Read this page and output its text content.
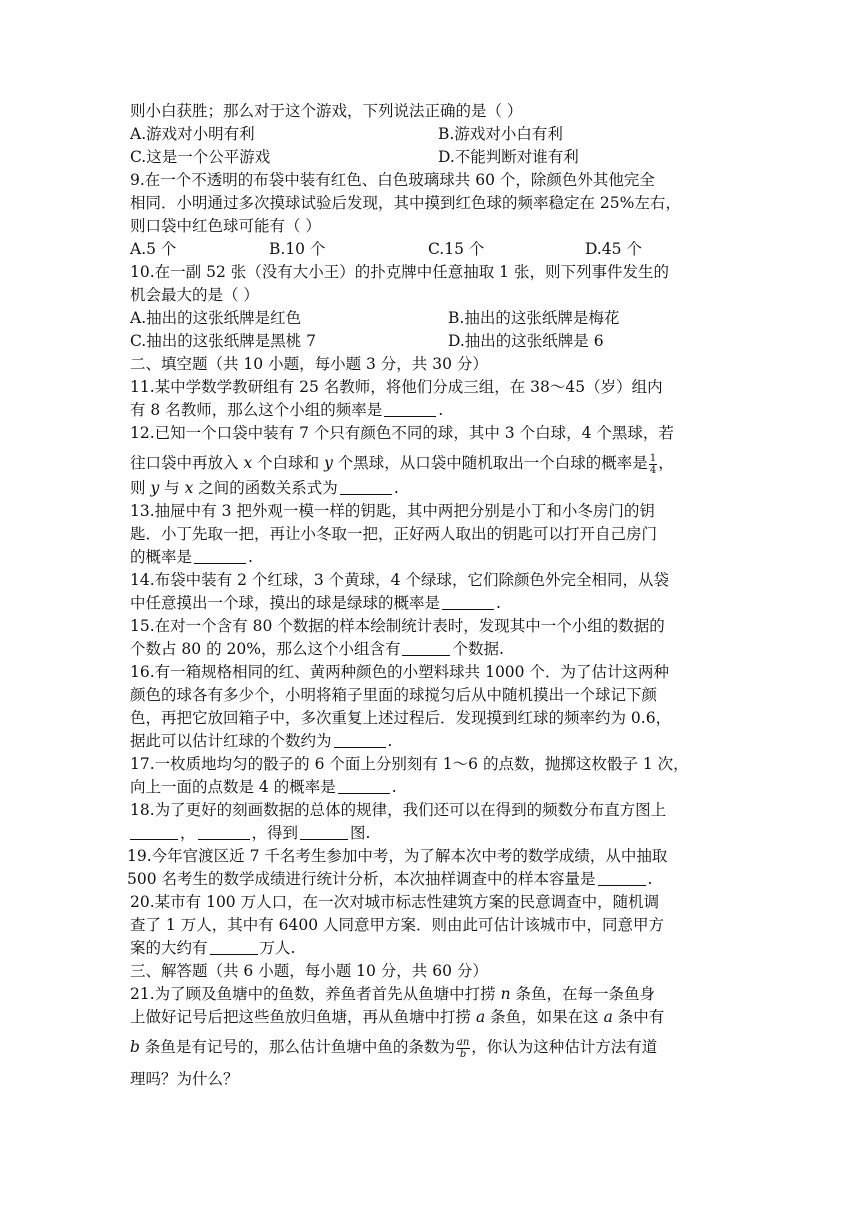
则小白获胜；那么对于这个游戏，下列说法正确的是（ ）
A.游戏对小明有利	B.游戏对小白有利
C.这是一个公平游戏	D.不能判断对谁有利
9.在一个不透明的布袋中装有红色、白色玻璃球共 60 个，除颜色外其他完全
相同．小明通过多次摸球试验后发现，其中摸到红色球的频率稳定在 25%左右，
则口袋中红色球可能有（ ）
A.5 个	B.10 个	C.15 个	D.45 个
10.在一副 52 张（没有大小王）的扑克牌中任意抽取 1 张，则下列事件发生的
机会最大的是（ ）
A.抽出的这张纸牌是红色	B.抽出的这张纸牌是梅花
C.抽出的这张纸牌是黑桃 7	D.抽出的这张纸牌是 6
二、填空题（共 10 小题，每小题 3 分，共 30 分）
11.某中学数学教研组有 25 名教师，将他们分成三组，在 38～45（岁）组内
有 8 名教师，那么这个小组的频率是	.
12.已知一个口袋中装有 7 个只有颜色不同的球，其中 3 个白球，4 个黑球，若
往口袋中再放入 x 个白球和 y 个黑球，从口袋中随机取出一个白球的概率是 $\frac{1}{4}$ ，
则 y 与 x 之间的函数关系式为	.
13.抽屉中有 3 把外观一模一样的钥匙，其中两把分别是小丁和小冬房门的钥
匙．小丁先取一把，再让小冬取一把，正好两人取出的钥匙可以打开自己房门
的概率是	.
14.布袋中装有 2 个红球，3 个黄球，4 个绿球，它们除颜色外完全相同，从袋
中任意摸出一个球，摸出的球是绿球的概率是	.
15.在对一个含有 80 个数据的样本绘制统计表时，发现其中一个小组的数据的
个数占 80 的 20%，那么这个小组含有	个数据.
16.有一箱规格相同的红、黄两种颜色的小塑料球共 1000 个．为了估计这两种
颜色的球各有多少个，小明将箱子里面的球搅匀后从中随机摸出一个球记下颜
色，再把它放回箱子中，多次重复上述过程后．发现摸到红球的频率约为 0.6，
据此可以估计红球的个数约为	.
17.一枚质地均匀的骰子的 6 个面上分别刻有 1～6 的点数，抛掷这枚骰子 1 次，
向上一面的点数是 4 的概率是	.
18.为了更好的刻画数据的总体的规律，我们还可以在得到的频数分布直方图上
，	，得到	图.
19.今年官渡区近 7 千名考生参加中考，为了解本次中考的数学成绩，从中抽取
500 名考生的数学成绩进行统计分析，本次抽样调查中的样本容量是	.
20.某市有 100 万人口，在一次对城市标志性建筑方案的民意调查中，随机调
查了 1 万人，其中有 6400 人同意甲方案．则由此可估计该城市中，同意甲方
案的大约有	万人.
三、解答题（共 6 小题，每小题 10 分，共 60 分）
21.为了顾及鱼塘中的鱼数，养鱼者首先从鱼塘中打捞 n 条鱼，在每一条鱼身
上做好记号后把这些鱼放归鱼塘，再从鱼塘中打捞 a 条鱼，如果在这 a 条中有
b 条鱼是有记号的，那么估计鱼塘中鱼的条数为 $\frac{an}{b}$ ，你认为这种估计方法有道
理吗？为什么？
